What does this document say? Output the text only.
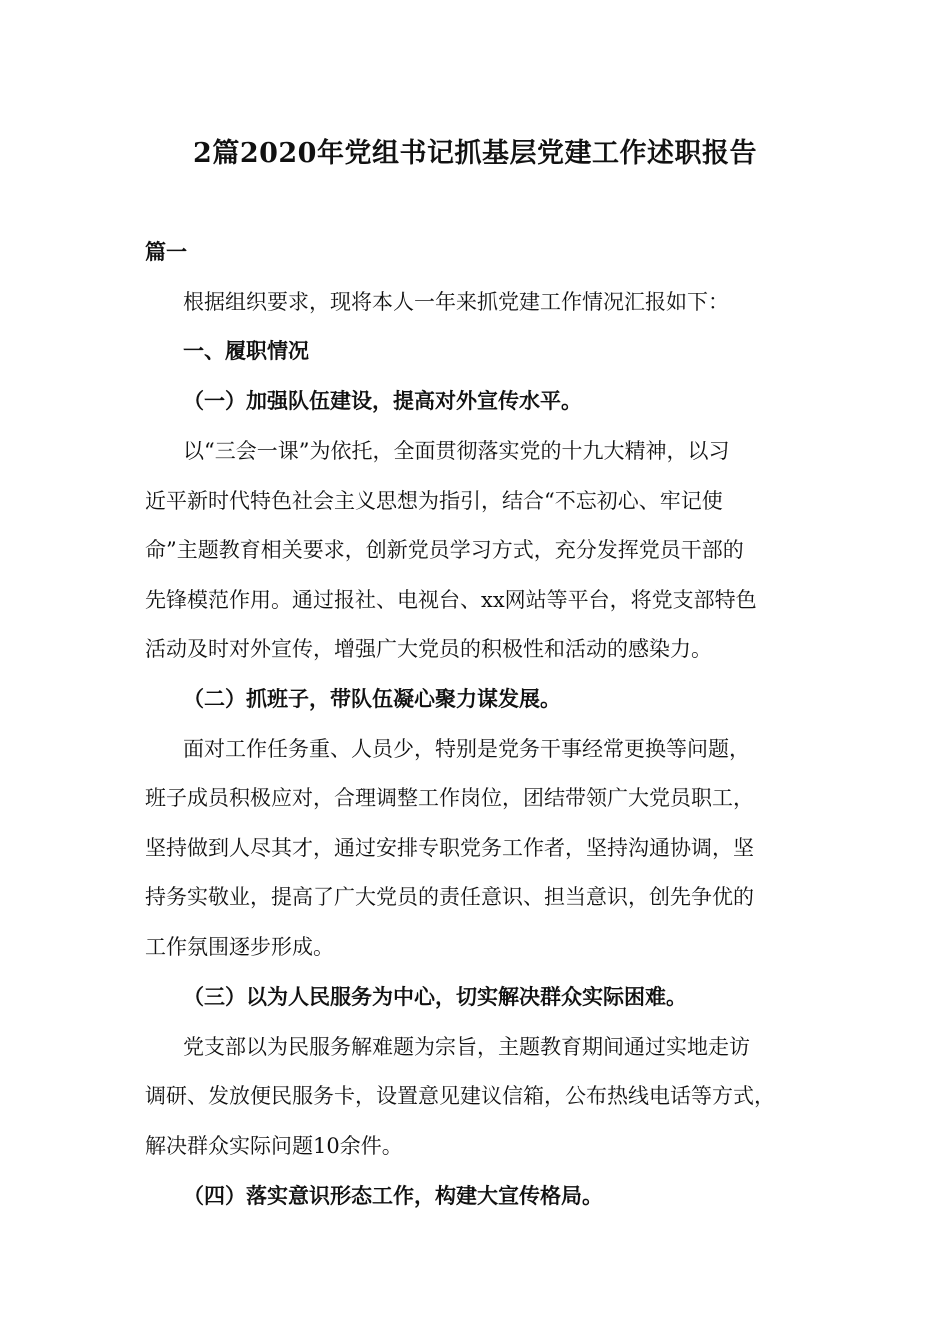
2篇2020年党组书记抓基层党建工作述职报告
篇一
根据组织要求，现将本人一年来抓党建工作情况汇报如下：
一、履职情况
（一）加强队伍建设，提高对外宣传水平。
以“三会一课”为依托，全面贯彻落实党的十九大精神，以习
近平新时代特色社会主义思想为指引，结合“不忘初心、牢记使
命”主题教育相关要求，创新党员学习方式，充分发挥党员干部的
先锋模范作用。通过报社、电视台、xx网站等平台，将党支部特色
活动及时对外宣传，增强广大党员的积极性和活动的感染力。
（二）抓班子，带队伍凝心聚力谋发展。
面对工作任务重、人员少，特别是党务干事经常更换等问题，
班子成员积极应对，合理调整工作岗位，团结带领广大党员职工，
坚持做到人尽其才，通过安排专职党务工作者，坚持沟通协调，坚
持务实敬业，提高了广大党员的责任意识、担当意识，创先争优的
工作氛围逐步形成。
（三）以为人民服务为中心，切实解决群众实际困难。
党支部以为民服务解难题为宗旨，主题教育期间通过实地走访
调研、发放便民服务卡，设置意见建议信箱，公布热线电话等方式，
解决群众实际问题10余件。
（四）落实意识形态工作，构建大宣传格局。
